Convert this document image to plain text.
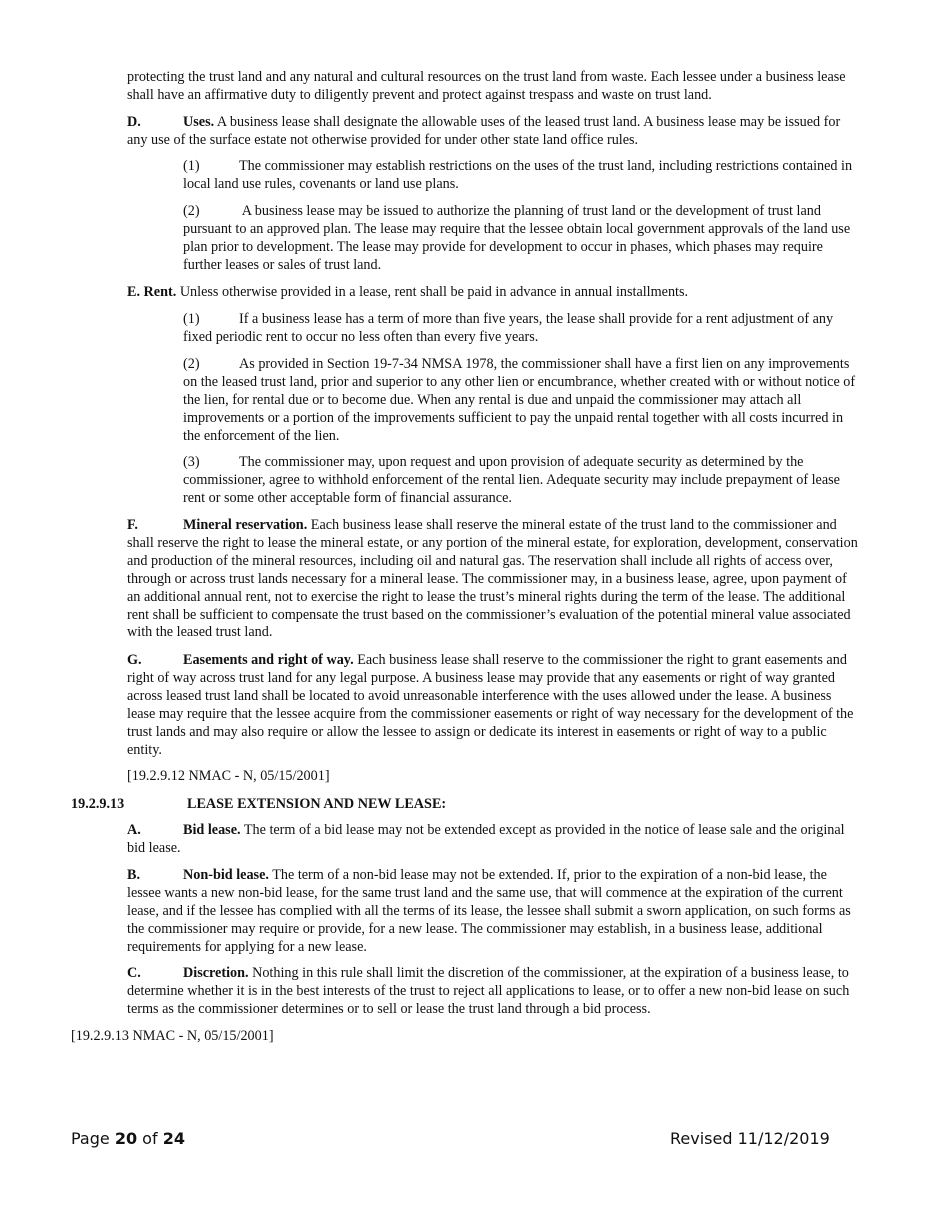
protecting the trust land and any natural and cultural resources on the trust land from waste. Each lessee under a business lease shall have an affirmative duty to diligently prevent and protect against trespass and waste on trust land.

D.	Uses. A business lease shall designate the allowable uses of the leased trust land. A business lease may be issued for any use of the surface estate not otherwise provided for under other state land office rules.

(1)	The commissioner may establish restrictions on the uses of the trust land, including restrictions contained in local land use rules, covenants or land use plans.

(2)	A business lease may be issued to authorize the planning of trust land or the development of trust land pursuant to an approved plan. The lease may require that the lessee obtain local government approvals of the land use plan prior to development. The lease may provide for development to occur in phases, which phases may require further leases or sales of trust land.

E. Rent. Unless otherwise provided in a lease, rent shall be paid in advance in annual installments.

(1)	If a business lease has a term of more than five years, the lease shall provide for a rent adjustment of any fixed periodic rent to occur no less often than every five years.

(2)	As provided in Section 19-7-34 NMSA 1978, the commissioner shall have a first lien on any improvements on the leased trust land, prior and superior to any other lien or encumbrance, whether created with or without notice of the lien, for rental due or to become due. When any rental is due and unpaid the commissioner may attach all improvements or a portion of the improvements sufficient to pay the unpaid rental together with all costs incurred in the enforcement of the lien.

(3)	The commissioner may, upon request and upon provision of adequate security as determined by the commissioner, agree to withhold enforcement of the rental lien. Adequate security may include prepayment of lease rent or some other acceptable form of financial assurance.

F.	Mineral reservation. Each business lease shall reserve the mineral estate of the trust land to the commissioner and shall reserve the right to lease the mineral estate, or any portion of the mineral estate, for exploration, development, conservation and production of the mineral resources, including oil and natural gas. The reservation shall include all rights of access over, through or across trust lands necessary for a mineral lease. The commissioner may, in a business lease, agree, upon payment of an additional annual rent, not to exercise the right to lease the trust’s mineral rights during the term of the lease. The additional rent shall be sufficient to compensate the trust based on the commissioner’s evaluation of the potential mineral value associated with the leased trust land.

G.	Easements and right of way. Each business lease shall reserve to the commissioner the right to grant easements and right of way across trust land for any legal purpose. A business lease may provide that any easements or right of way granted across leased trust land shall be located to avoid unreasonable interference with the uses allowed under the lease. A business lease may require that the lessee acquire from the commissioner easements or right of way necessary for the development of the trust lands and may also require or allow the lessee to assign or dedicate its interest in easements or right of way to a public entity.

[19.2.9.12 NMAC - N, 05/15/2001]

19.2.9.13	LEASE EXTENSION AND NEW LEASE:

A.	Bid lease. The term of a bid lease may not be extended except as provided in the notice of lease sale and the original bid lease.

B.	Non-bid lease. The term of a non-bid lease may not be extended. If, prior to the expiration of a non-bid lease, the lessee wants a new non-bid lease, for the same trust land and the same use, that will commence at the expiration of the current lease, and if the lessee has complied with all the terms of its lease, the lessee shall submit a sworn application, on such forms as the commissioner may require or provide, for a new lease. The commissioner may establish, in a business lease, additional requirements for applying for a new lease.

C.	Discretion. Nothing in this rule shall limit the discretion of the commissioner, at the expiration of a business lease, to determine whether it is in the best interests of the trust to reject all applications to lease, or to offer a new non-bid lease on such terms as the commissioner determines or to sell or lease the trust land through a bid process.

[19.2.9.13 NMAC - N, 05/15/2001]

Page 20 of 24	Revised 11/12/2019
